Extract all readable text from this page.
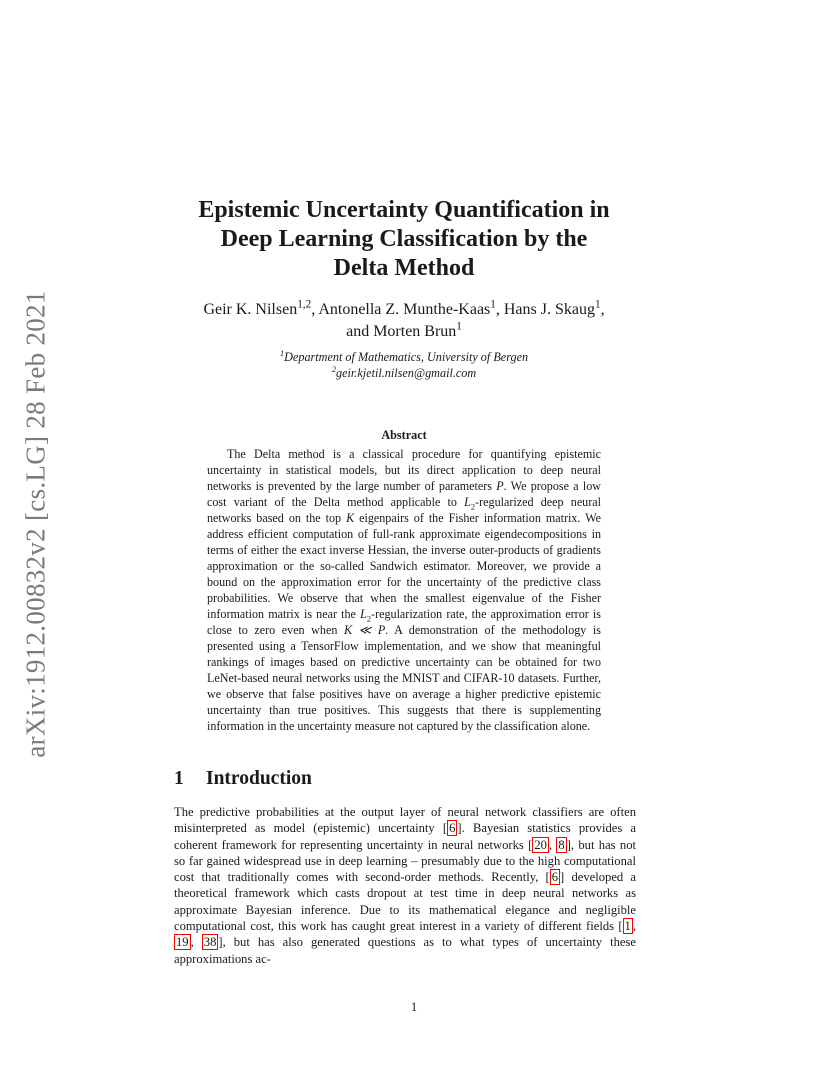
arXiv:1912.00832v2 [cs.LG] 28 Feb 2021
Epistemic Uncertainty Quantification in
Deep Learning Classification by the
Delta Method
Geir K. Nilsen$^{1,2}$, Antonella Z. Munthe-Kaas$^1$, Hans J. Skaug$^1$,
and Morten Brun$^1$
$^1$Department of Mathematics, University of Bergen
$^2$geir.kjetil.nilsen@gmail.com
Abstract

The Delta method is a classical procedure for quantifying epistemic uncertainty in statistical models, but its direct application to deep neural networks is prevented by the large number of parameters P. We propose a low cost variant of the Delta method applicable to $L_2$-regularized deep neural networks based on the top K eigenpairs of the Fisher information matrix. We address efficient computation of full-rank approximate eigendecompositions in terms of either the exact inverse Hessian, the inverse outer-products of gradients approximation or the so-called Sandwich estimator. Moreover, we provide a bound on the approximation error for the uncertainty of the predictive class probabilities. We observe that when the smallest eigenvalue of the Fisher information matrix is near the $L_2$-regularization rate, the approximation error is close to zero even when K ≪ P. A demonstration of the methodology is presented using a TensorFlow implementation, and we show that meaningful rankings of images based on predictive uncertainty can be obtained for two LeNet-based neural networks using the MNIST and CIFAR-10 datasets. Further, we observe that false positives have on average a higher predictive epistemic uncertainty than true positives. This suggests that there is supplementing information in the uncertainty measure not captured by the classification alone.

1 Introduction

The predictive probabilities at the output layer of neural network classifiers are often misinterpreted as model (epistemic) uncertainty [ 6 ]. Bayesian statistics provides a coherent framework for representing uncertainty in neural networks [ 20 , 8 ], but has not so far gained widespread use in deep learning – presumably due to the high computational cost that traditionally comes with second-order methods. Recently, [ 6 ] developed a theoretical framework which casts dropout at test time in deep neural networks as approximate Bayesian inference. Due to its mathematical elegance and negligible computational cost, this work has caught great interest in a variety of different fields [ 1 , 19 , 38 ], but has also generated questions as to what types of uncertainty these approximations ac-

1
